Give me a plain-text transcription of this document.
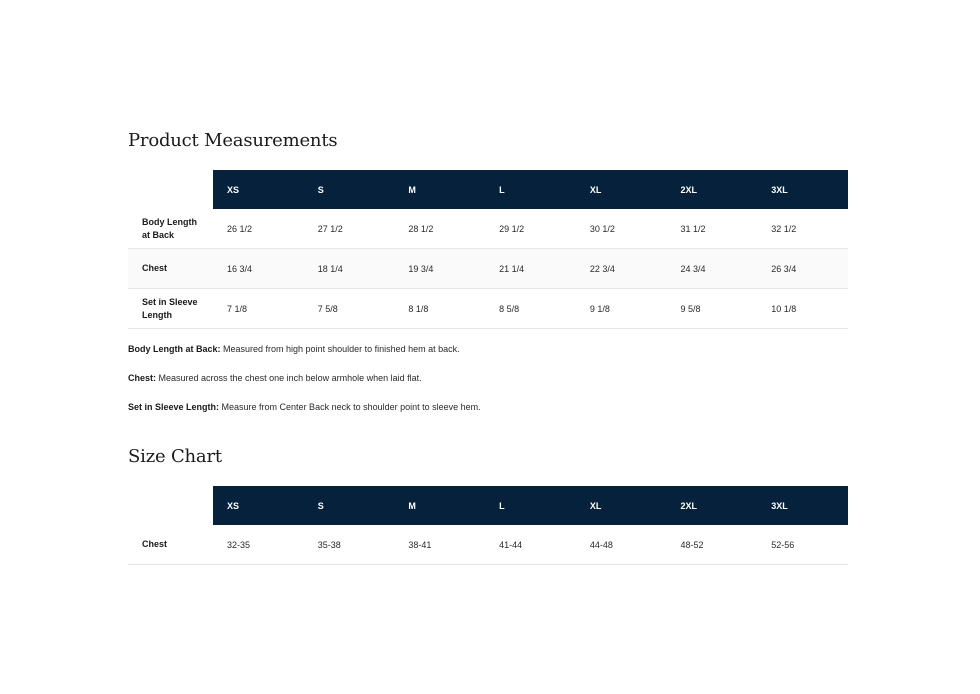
Product Measurements
	XS	S	M	L	XL	2XL	3XL
Body Length
at Back	26 1/2	27 1/2	28 1/2	29 1/2	30 1/2	31 1/2	32 1/2
Chest	16 3/4	18 1/4	19 3/4	21 1/4	22 3/4	24 3/4	26 3/4
Set in Sleeve
Length	7 1/8	7 5/8	8 1/8	8 5/8	9 1/8	9 5/8	10 1/8

Body Length at Back: Measured from high point shoulder to finished hem at back.

Chest: Measured across the chest one inch below armhole when laid flat.

Set in Sleeve Length: Measure from Center Back neck to shoulder point to sleeve hem.

Size Chart
	XS	S	M	L	XL	2XL	3XL
Chest	32-35	35-38	38-41	41-44	44-48	48-52	52-56
